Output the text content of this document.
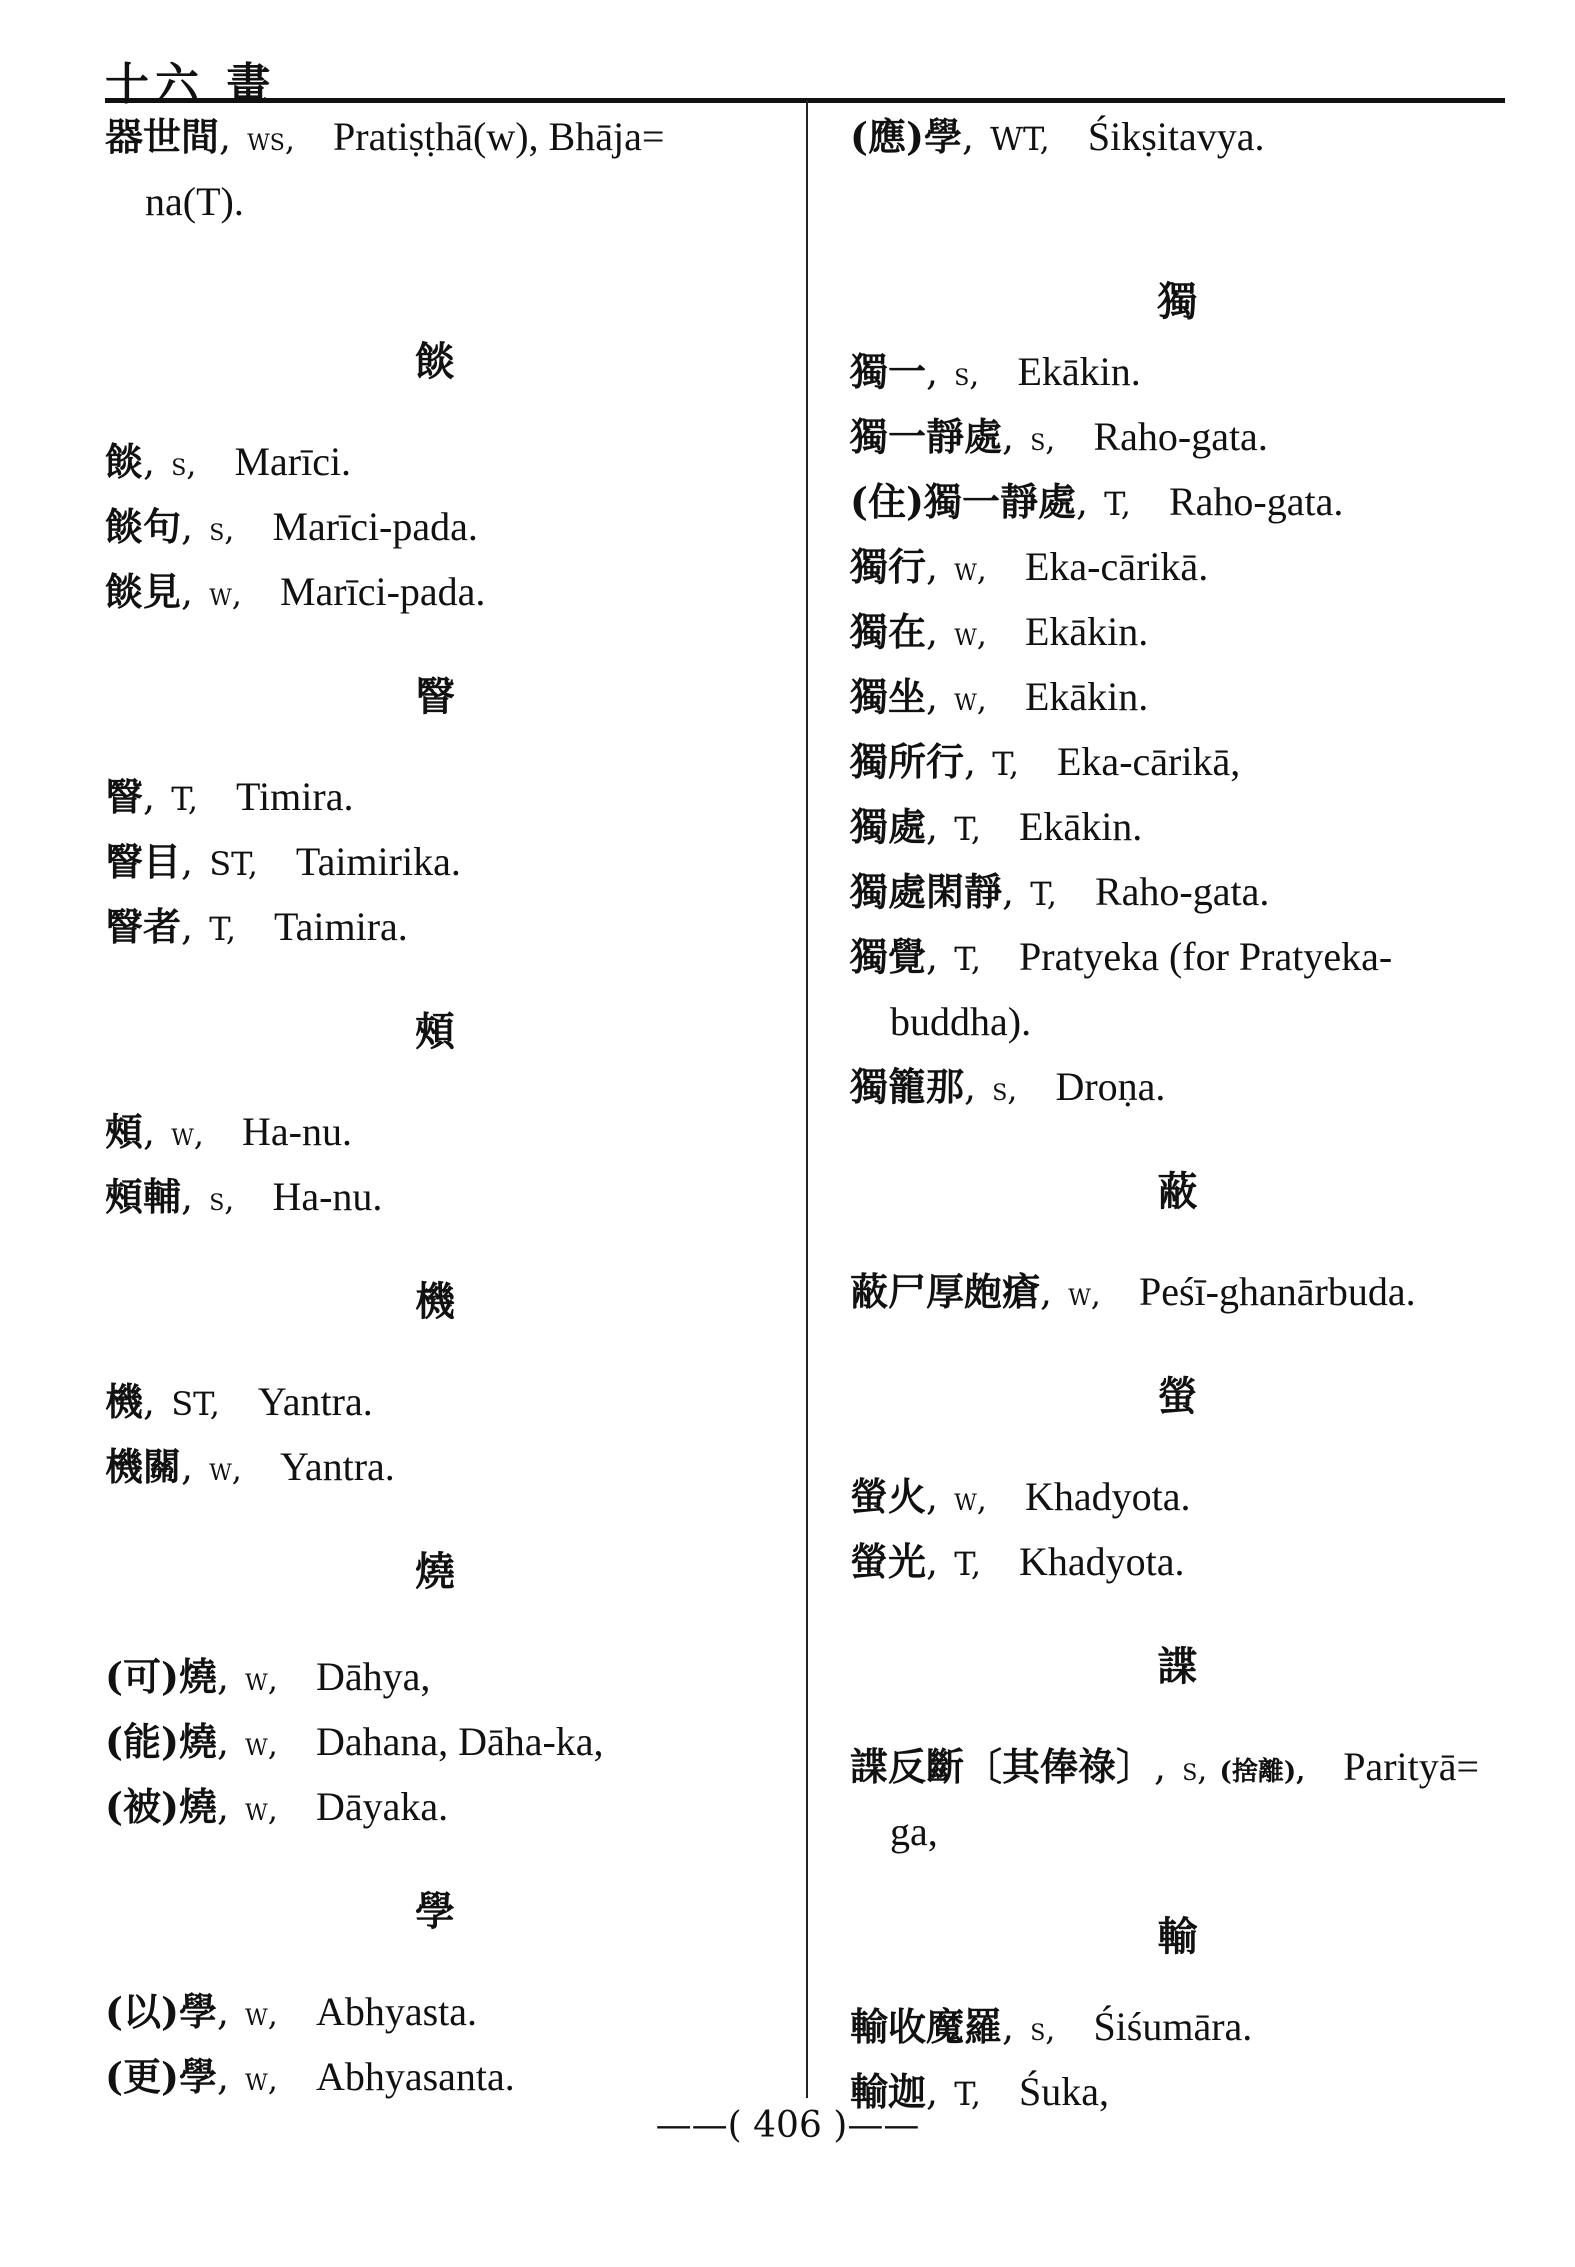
十六 畫
器世間, ws, Pratiṣṭhā(w), Bhāja=
na(T).
餤
餤, s, Marīci.
餤句, s, Marīci-pada.
餤見, w, Marīci-pada.
瞖
瞖, T, Timira.
瞖目, ST, Taimirika.
瞖者, T, Taimira.
頰
頰, w, Ha-nu.
頰輔, s, Ha-nu.
機
機, ST, Yantra.
機關, w, Yantra.
燒
(可)燒, w, Dāhya,
(能)燒, w, Dahana, Dāha-ka,
(被)燒, w, Dāyaka.
學
(以)學, w, Abhyasta.
(更)學, w, Abhyasanta.
(應)學, WT, Śikṣitavya.
獨
獨一, s, Ekākin.
獨一靜處, s, Raho-gata.
(住)獨一靜處, T, Raho-gata.
獨行, w, Eka-cārikā.
獨在, w, Ekākin.
獨坐, w, Ekākin.
獨所行, T, Eka-cārikā,
獨處, T, Ekākin.
獨處閑靜, T, Raho-gata.
獨覺, T, Pratyeka (for Pratyeka-
buddha).
獨籠那, s, Droṇa.
蔽
蔽尸厚皰瘡, w, Peśī-ghanārbuda.
螢
螢火, w, Khadyota.
螢光, T, Khadyota.
諜
諜反斷〔其俸祿〕, s, (捨離), Parityā=
ga,
輸
輸收魔羅, s, Śiśumāra.
輸迦, T, Śuka,
——( 406 )——
